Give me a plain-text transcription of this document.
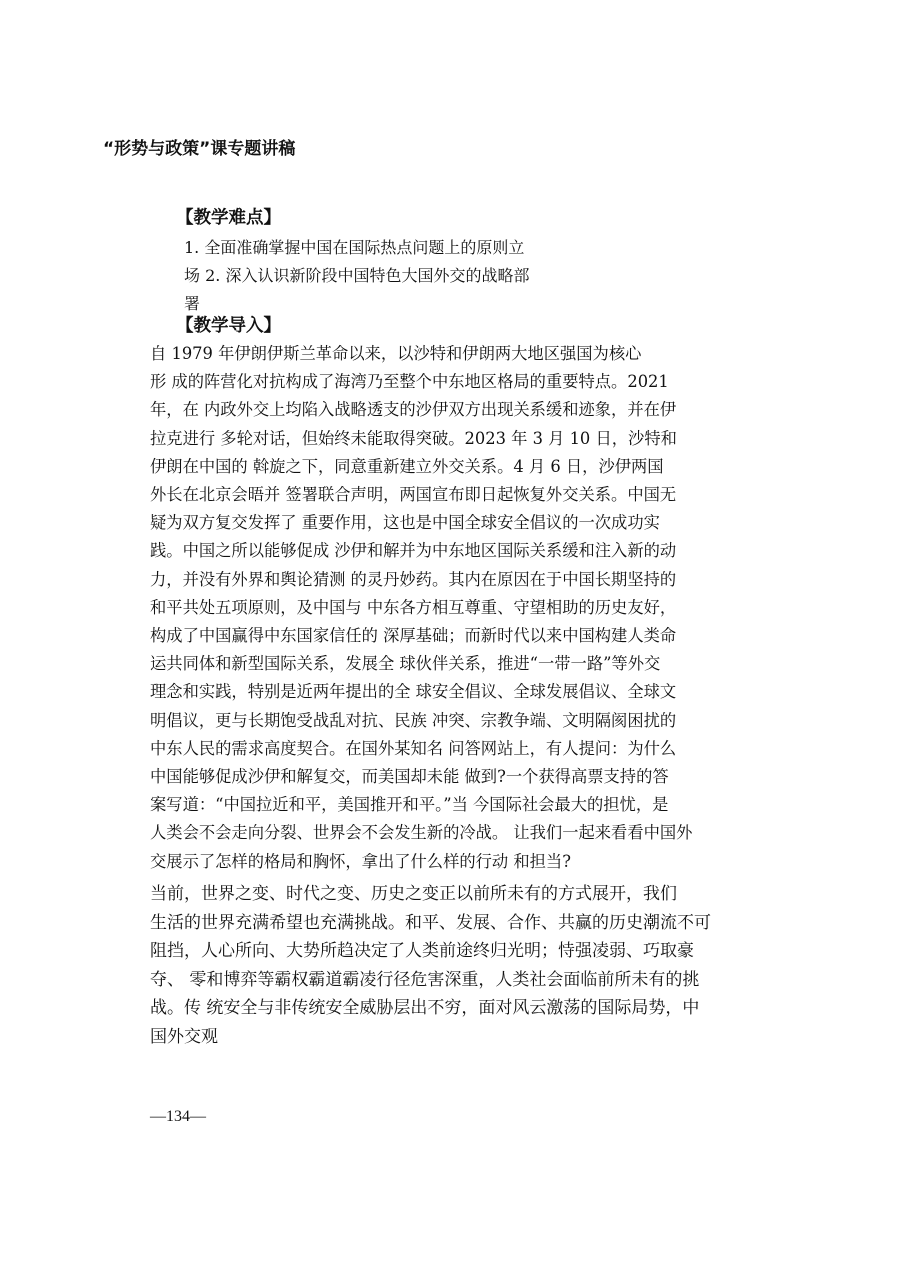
“形势与政策”课专题讲稿
【教学难点】
1. 全面准确掌握中国在国际热点问题上的原则立
场 2. 深入认识新阶段中国特色大国外交的战略部
署
【教学导入】
自 1979 年伊朗伊斯兰革命以来，以沙特和伊朗两大地区强国为核心
形 成的阵营化对抗构成了海湾乃至整个中东地区格局的重要特点。2021
年，在 内政外交上均陷入战略透支的沙伊双方出现关系缓和迹象，并在伊
拉克进行 多轮对话，但始终未能取得突破。2023 年 3 月 10 日，沙特和
伊朗在中国的 斡旋之下，同意重新建立外交关系。4 月 6 日，沙伊两国
外长在北京会晤并 签署联合声明，两国宣布即日起恢复外交关系。中国无
疑为双方复交发挥了 重要作用，这也是中国全球安全倡议的一次成功实
践。中国之所以能够促成 沙伊和解并为中东地区国际关系缓和注入新的动
力，并没有外界和舆论猜测 的灵丹妙药。其内在原因在于中国长期坚持的
和平共处五项原则，及中国与 中东各方相互尊重、守望相助的历史友好，
构成了中国赢得中东国家信任的 深厚基础；而新时代以来中国构建人类命
运共同体和新型国际关系，发展全 球伙伴关系，推进“一带一路”等外交
理念和实践，特别是近两年提出的全 球安全倡议、全球发展倡议、全球文
明倡议，更与长期饱受战乱对抗、民族 冲突、宗教争端、文明隔阂困扰的
中东人民的需求高度契合。在国外某知名 问答网站上，有人提问：为什么
中国能够促成沙伊和解复交，而美国却未能 做到?一个获得高票支持的答
案写道：“中国拉近和平，美国推开和平。”当 今国际社会最大的担忧，是
人类会不会走向分裂、世界会不会发生新的冷战。 让我们一起来看看中国外
交展示了怎样的格局和胸怀，拿出了什么样的行动 和担当?
当前，世界之变、时代之变、历史之变正以前所未有的方式展开，我们
生活的世界充满希望也充满挑战。和平、发展、合作、共赢的历史潮流不可
阻挡，人心所向、大势所趋决定了人类前途终归光明；恃强凌弱、巧取豪
夺、 零和博弈等霸权霸道霸凌行径危害深重，人类社会面临前所未有的挑
战。传 统安全与非传统安全威胁层出不穷，面对风云激荡的国际局势，中
国外交观
—134—
